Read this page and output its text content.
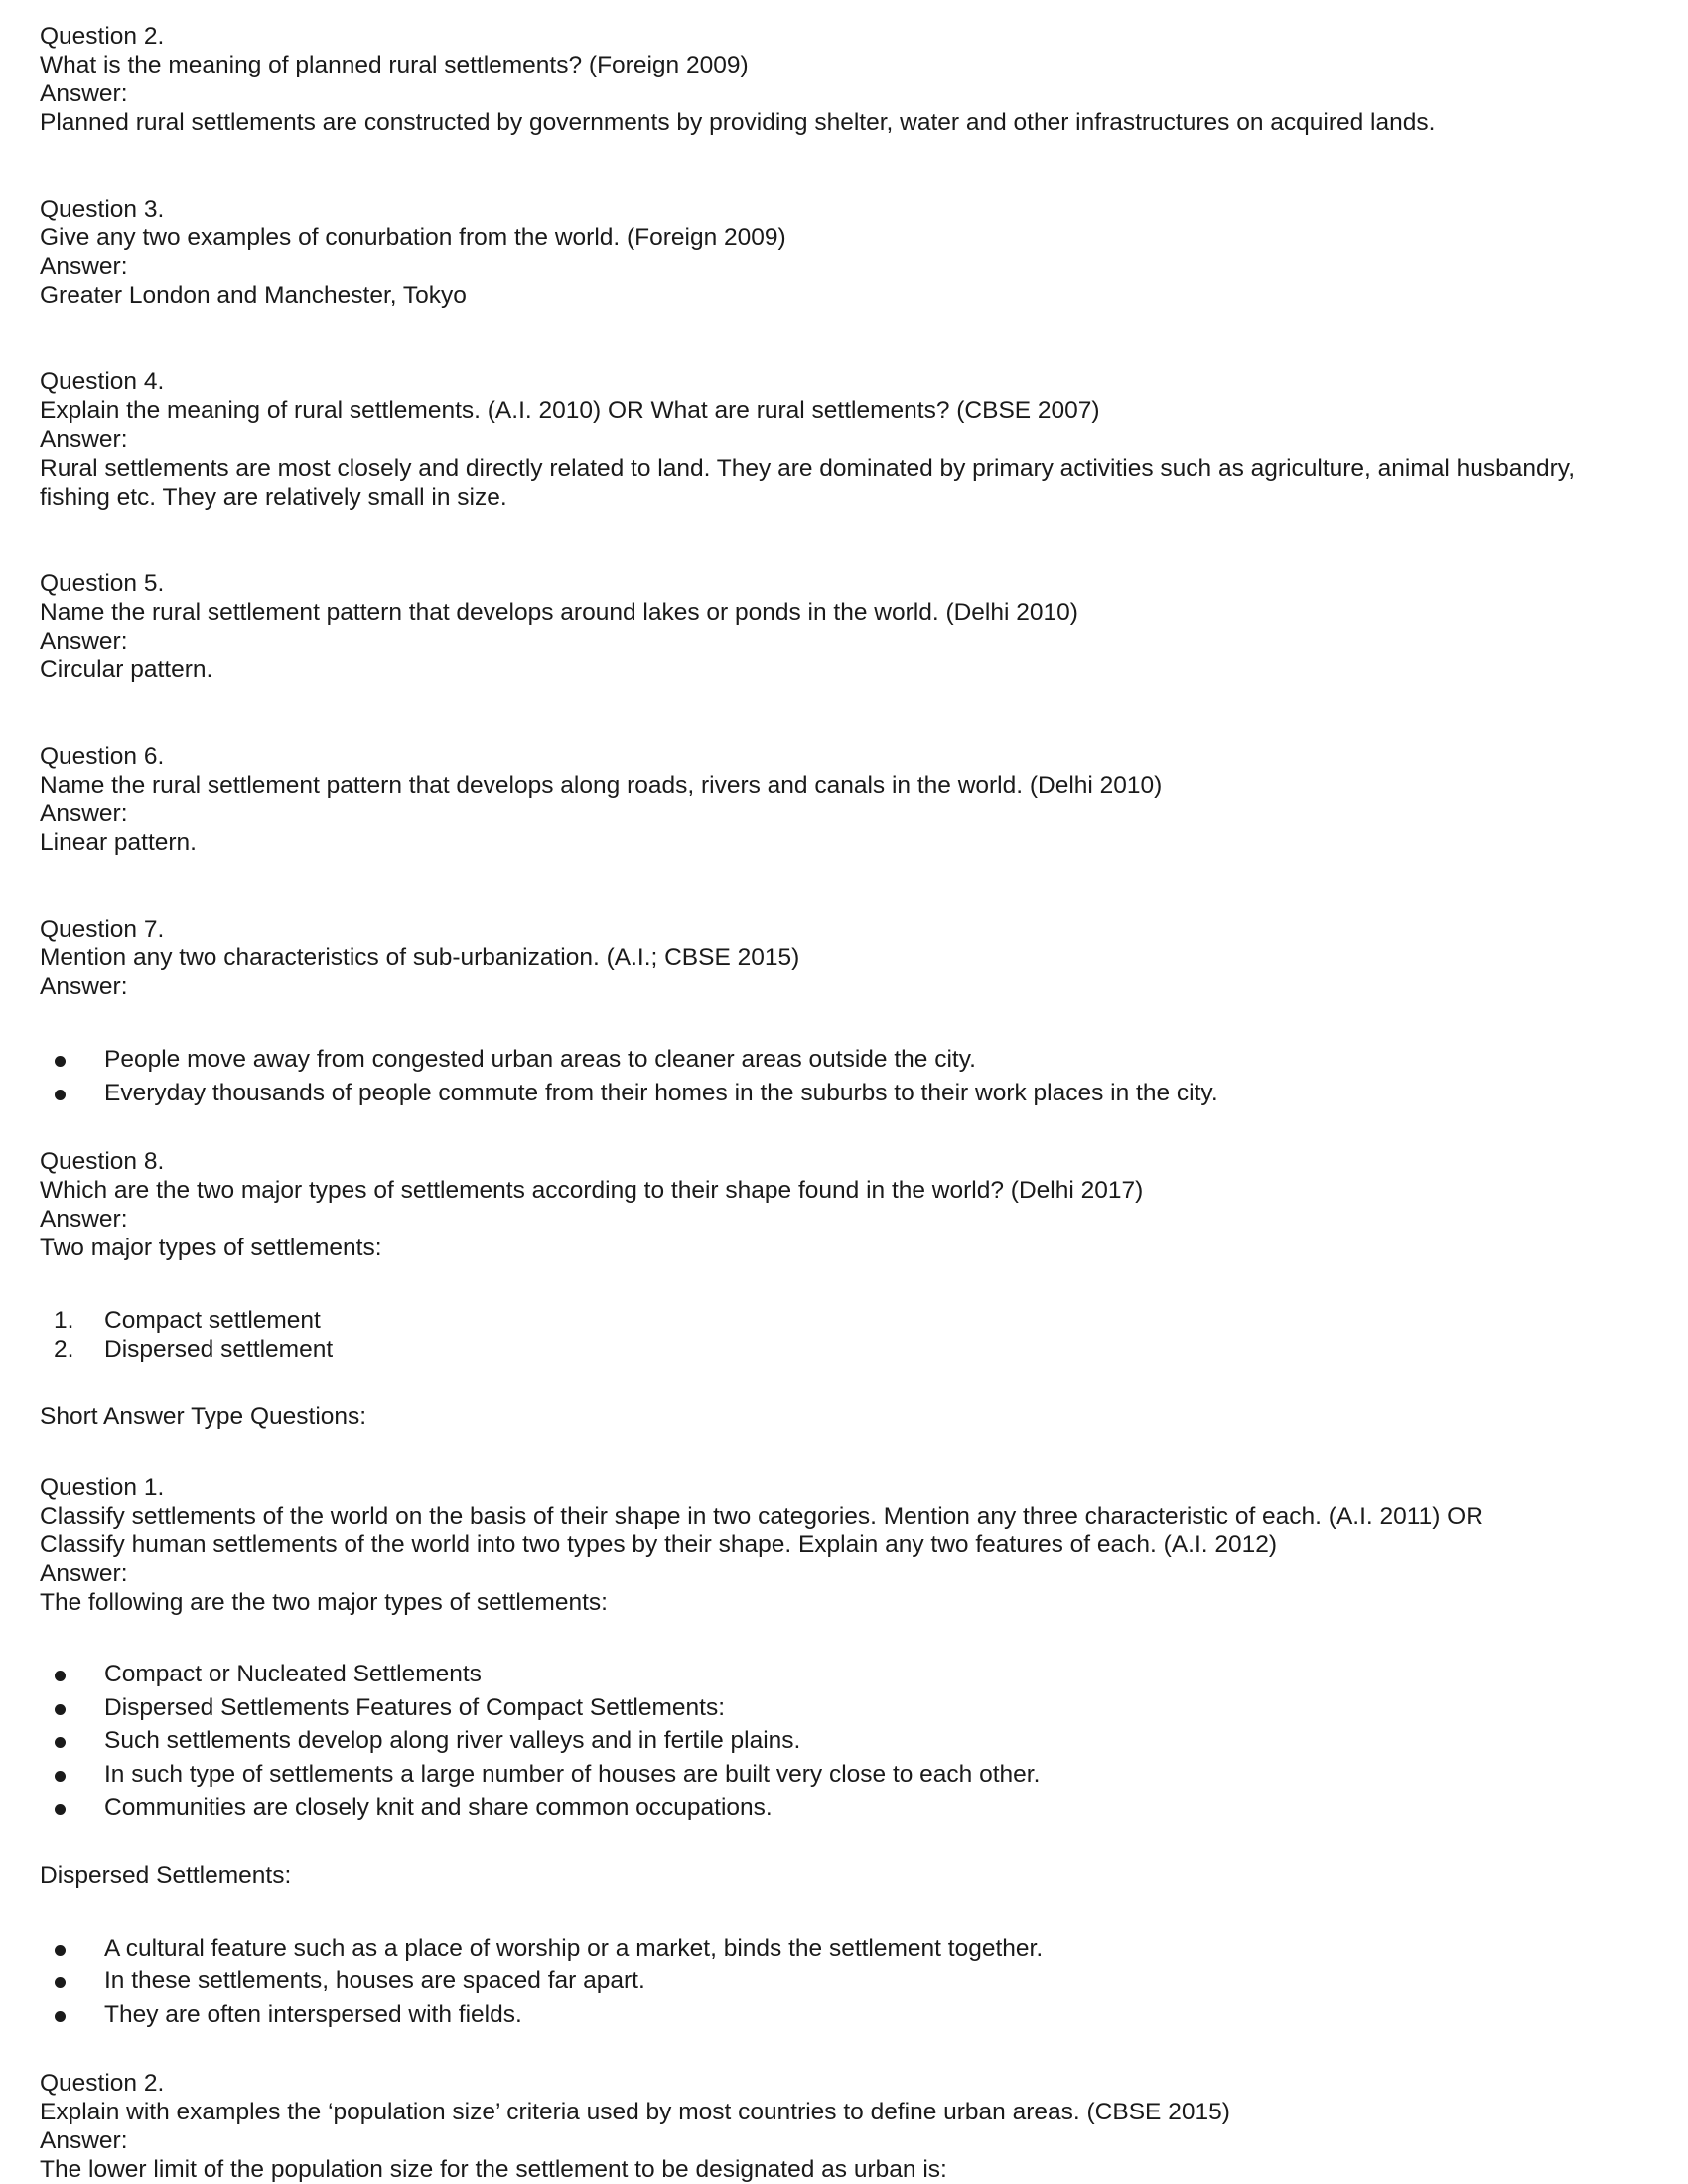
Question 2.
What is the meaning of planned rural settlements? (Foreign 2009)
Answer:
Planned rural settlements are constructed by governments by providing shelter, water and other infrastructures on acquired lands.
Question 3.
Give any two examples of conurbation from the world. (Foreign 2009)
Answer:
Greater London and Manchester, Tokyo
Question 4.
Explain the meaning of rural settlements. (A.I. 2010) OR What are rural settlements? (CBSE 2007)
Answer:
Rural settlements are most closely and directly related to land. They are dominated by primary activities such as agriculture, animal husbandry,
fishing etc. They are relatively small in size.
Question 5.
Name the rural settlement pattern that develops around lakes or ponds in the world. (Delhi 2010)
Answer:
Circular pattern.
Question 6.
Name the rural settlement pattern that develops along roads, rivers and canals in the world. (Delhi 2010)
Answer:
Linear pattern.
Question 7.
Mention any two characteristics of sub-urbanization. (A.I.; CBSE 2015)
Answer:
People move away from congested urban areas to cleaner areas outside the city.
Everyday thousands of people commute from their homes in the suburbs to their work places in the city.
Question 8.
Which are the two major types of settlements according to their shape found in the world? (Delhi 2017)
Answer:
Two major types of settlements:
1. Compact settlement
2. Dispersed settlement
Short Answer Type Questions:
Question 1.
Classify settlements of the world on the basis of their shape in two categories. Mention any three characteristic of each. (A.I. 2011) OR
Classify human settlements of the world into two types by their shape. Explain any two features of each. (A.I. 2012)
Answer:
The following are the two major types of settlements:
Compact or Nucleated Settlements
Dispersed Settlements Features of Compact Settlements:
Such settlements develop along river valleys and in fertile plains.
In such type of settlements a large number of houses are built very close to each other.
Communities are closely knit and share common occupations.
Dispersed Settlements:
A cultural feature such as a place of worship or a market, binds the settlement together.
In these settlements, houses are spaced far apart.
They are often interspersed with fields.
Question 2.
Explain with examples the ‘population size’ criteria used by most countries to define urban areas. (CBSE 2015)
Answer:
The lower limit of the population size for the settlement to be designated as urban is:
